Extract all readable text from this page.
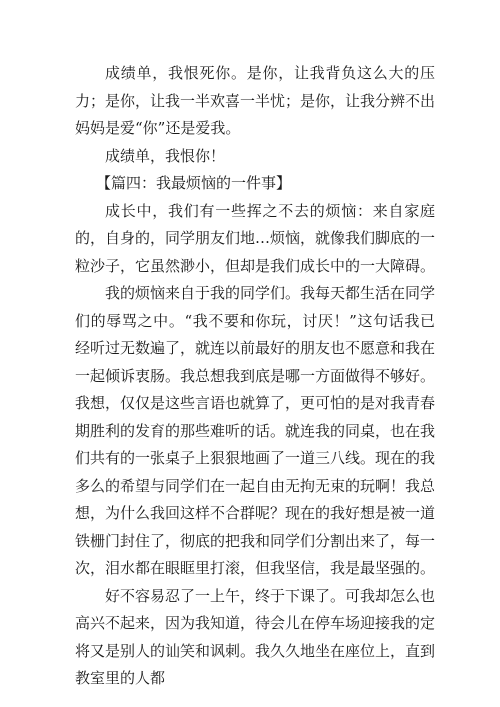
成绩单，我恨死你。是你，让我背负这么大的压力；是你，让我一半欢喜一半忧；是你，让我分辨不出妈妈是爱“你”还是爱我。

成绩单，我恨你！

【篇四：我最烦恼的一件事】

成长中，我们有一些挥之不去的烦恼：来自家庭的，自身的，同学朋友们地…烦恼，就像我们脚底的一粒沙子，它虽然渺小，但却是我们成长中的一大障碍。

我的烦恼来自于我的同学们。我每天都生活在同学们的辱骂之中。“我不要和你玩，讨厌！”这句话我已经听过无数遍了，就连以前最好的朋友也不愿意和我在一起倾诉衷肠。我总想我到底是哪一方面做得不够好。我想，仅仅是这些言语也就算了，更可怕的是对我青春期胜利的发育的那些难听的话。就连我的同桌，也在我们共有的一张桌子上狠狠地画了一道三八线。现在的我多么的希望与同学们在一起自由无拘无束的玩啊！我总想，为什么我回这样不合群呢？现在的我好想是被一道铁栅门封住了，彻底的把我和同学们分割出来了，每一次，泪水都在眼眶里打滚，但我坚信，我是最坚强的。

好不容易忍了一上午，终于下课了。可我却怎么也高兴不起来，因为我知道，待会儿在停车场迎接我的定将又是别人的讪笑和讽刺。我久久地坐在座位上，直到教室里的人都
